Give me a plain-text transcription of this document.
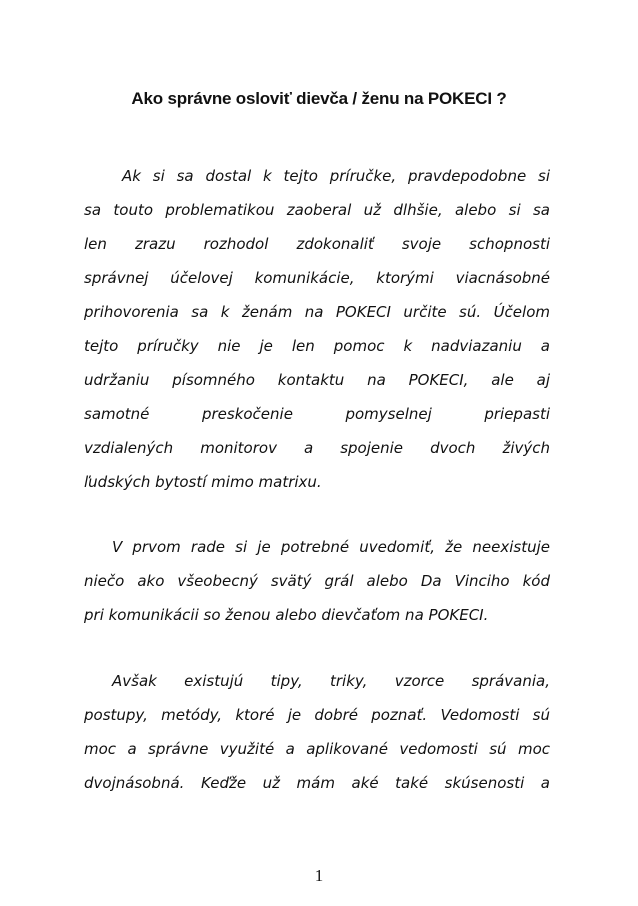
Ako správne osloviť dievča / ženu na POKECI ?
Ak si sa dostal k tejto príručke, pravdepodobne si
sa touto problematikou zaoberal už dlhšie, alebo si sa
len zrazu rozhodol zdokonaliť svoje schopnosti
správnej účelovej komunikácie, ktorými viacnásobné
prihovorenia sa k ženám na POKECI určite sú. Účelom
tejto príručky nie je len pomoc k nadviazaniu a
udržaniu písomného kontaktu na POKECI, ale aj
samotné preskočenie pomyselnej priepasti
vzdialených monitorov a spojenie dvoch živých
ľudských bytostí mimo matrixu.
V prvom rade si je potrebné uvedomiť, že neexistuje
niečo ako všeobecný svätý grál alebo Da Vinciho kód
pri komunikácii so ženou alebo dievčaťom na POKECI.
Avšak existujú tipy, triky, vzorce správania,
postupy, metódy, ktoré je dobré poznať. Vedomosti sú
moc a správne využité a aplikované vedomosti sú moc
dvojnásobná. Keďže už mám aké také skúsenosti a
1
